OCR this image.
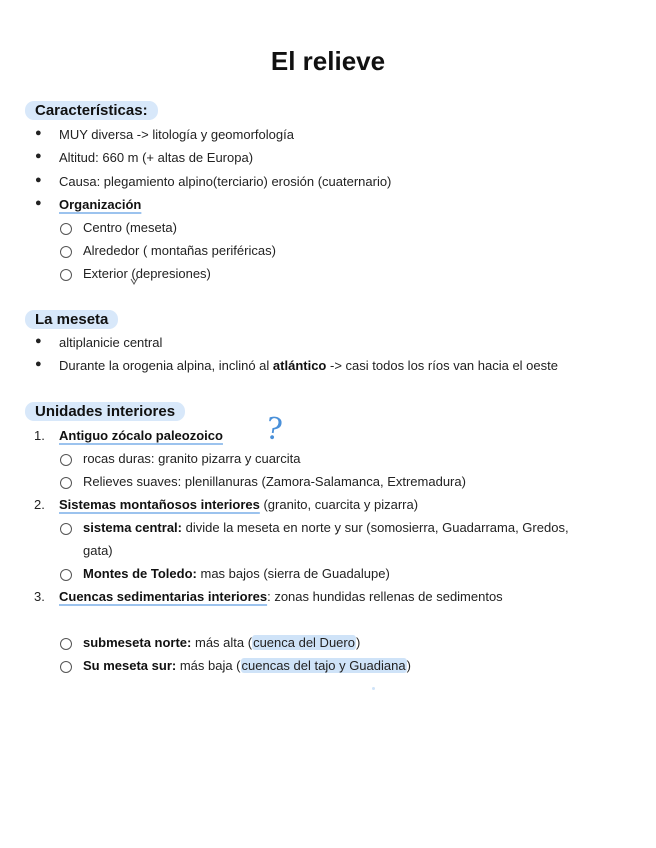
El relieve
Características:
● MUY diversa -> litología y geomorfología
● Altitud: 660 m (+ altas de Europa)
● Causa: plegamiento alpino(terciario) erosión (cuaternario)
● Organización
Centro (meseta)
Alrededor ( montañas periféricas)
Exterior (depresiones)
La meseta
● altiplanicie central
● Durante la orogenia alpina, inclinó al atlántico -> casi todos los ríos van hacia el oeste
Unidades interiores
1. Antiguo zócalo paleozoico
rocas duras: granito pizarra y cuarcita
Relieves suaves: plenillanuras (Zamora-Salamanca, Extremadura)
2. Sistemas montañosos interiores (granito, cuarcita y pizarra)
sistema central: divide la meseta en norte y sur (somosierra, Guadarrama, Gredos,
gata)
Montes de Toledo: mas bajos (sierra de Guadalupe)
3. Cuencas sedimentarias interiores: zonas hundidas rellenas de sedimentos
submeseta norte: más alta (cuenca del Duero)
Su meseta sur: más baja (cuencas del tajo y Guadiana)
?
